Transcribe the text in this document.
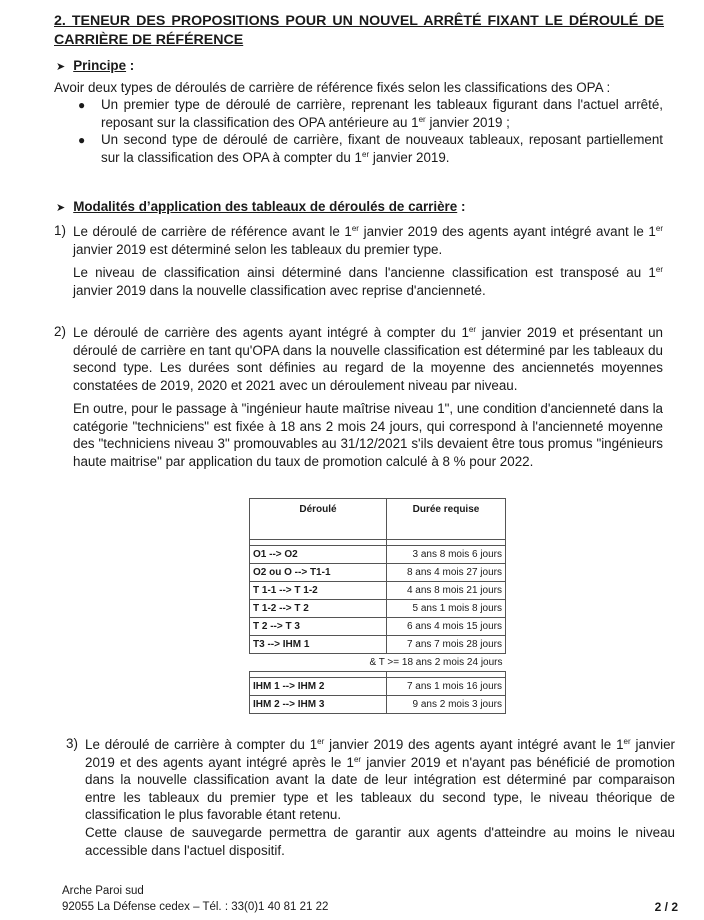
2. TENEUR DES PROPOSITIONS POUR UN NOUVEL ARRÊTÉ FIXANT LE DÉROULÉ DE CARRIÈRE DE RÉFÉRENCE
➤ Principe :

Avoir deux types de déroulés de carrière de référence fixés selon les classifications des OPA :

● Un premier type de déroulé de carrière, reprenant les tableaux figurant dans l'actuel arrêté, reposant sur la classification des OPA antérieure au 1er janvier 2019 ;

● Un second type de déroulé de carrière, fixant de nouveaux tableaux, reposant partiellement sur la classification des OPA à compter du 1er janvier 2019.

➤ Modalités d’application des tableaux de déroulés de carrière :
1) Le déroulé de carrière de référence avant le 1er janvier 2019 des agents ayant intégré avant le 1er janvier 2019 est déterminé selon les tableaux du premier type.

Le niveau de classification ainsi déterminé dans l'ancienne classification est transposé au 1er janvier 2019 dans la nouvelle classification avec reprise d'ancienneté.

2) Le déroulé de carrière des agents ayant intégré à compter du 1er janvier 2019 et présentant un déroulé de carrière en tant qu'OPA dans la nouvelle classification est déterminé par les tableaux du second type. Les durées sont définies au regard de la moyenne des anciennetés moyennes constatées de 2019, 2020 et 2021 avec un déroulement niveau par niveau.

En outre, pour le passage à "ingénieur haute maîtrise niveau 1", une condition d'ancienneté dans la catégorie "techniciens" est fixée à 18 ans 2 mois 24 jours, qui correspond à l'ancienneté moyenne des "techniciens niveau 3" promouvables au 31/12/2021 s'ils devaient être tous promus "ingénieurs haute maitrise" par application du taux de promotion calculé à 8 % pour 2022.

Déroulé	Durée requise

O1 --> O2	3 ans 8 mois 6 jours
O2 ou O --> T1-1	8 ans 4 mois 27 jours
T 1-1 --> T 1-2	4 ans 8 mois 21 jours
T 1-2 --> T 2	5 ans 1 mois 8 jours
T 2 --> T 3	6 ans 4 mois 15 jours
T3 --> IHM 1	7 ans 7 mois 28 jours
& T >= 18 ans 2 mois 24 jours	

IHM 1 --> IHM 2	7 ans 1 mois 16 jours
IHM 2 --> IHM 3	9 ans 2 mois 3 jours
3) Le déroulé de carrière à compter du 1er janvier 2019 des agents ayant intégré avant le 1er janvier 2019 et des agents ayant intégré après le 1er janvier 2019 et n'ayant pas bénéficié de promotion dans la nouvelle classification avant la date de leur intégration est déterminé par comparaison entre les tableaux du premier type et les tableaux du second type, le niveau théorique de classification le plus favorable étant retenu.

Cette clause de sauvegarde permettra de garantir aux agents d'atteindre au moins le niveau accessible dans l'actuel dispositif.

Arche Paroi sud
92055 La Défense cedex – Tél. : 33(0)1 40 81 21 22	2 / 2
